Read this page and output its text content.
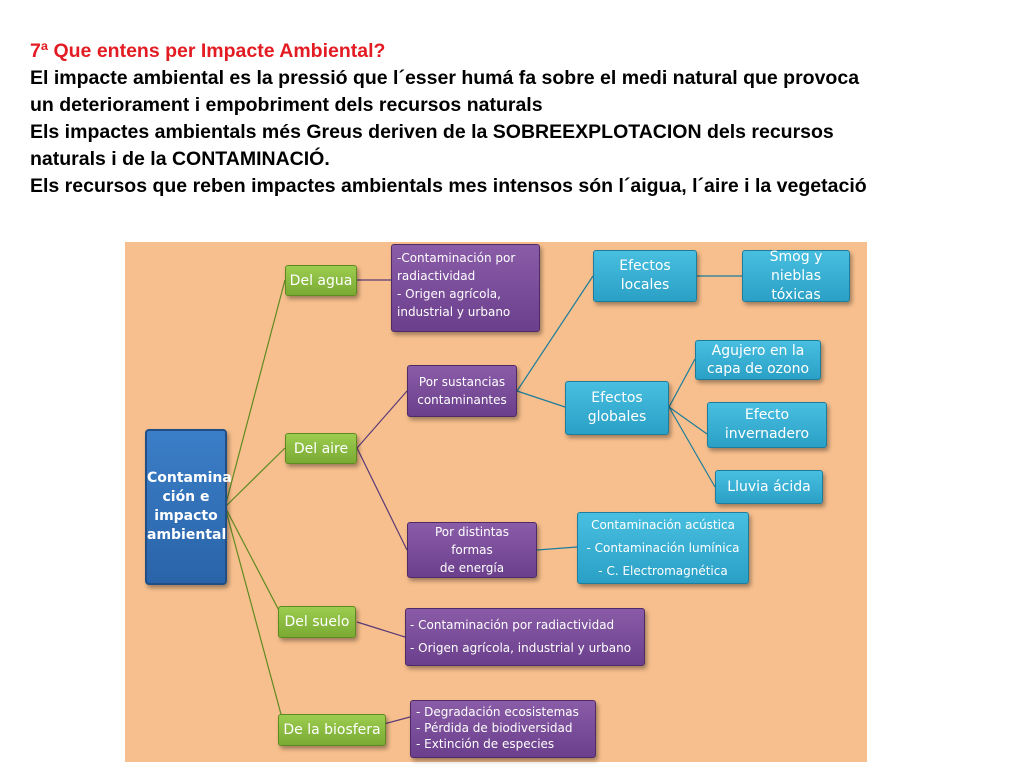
7ª Que entens per Impacte Ambiental?
El impacte ambiental es la pressió que l´esser humá fa sobre el medi natural que provoca
un deteriorament i empobriment dels recursos naturals
Els impactes ambientals més Greus deriven de la SOBREEXPLOTACION dels recursos
naturals i de la CONTAMINACIÓ.
Els recursos que reben impactes ambientals mes intensos són l´aigua, l´aire i la vegetació
Contamina
ción e
impacto
ambiental
Del agua
-Contaminación por
radiactividad
- Origen agrícola,
industrial y urbano
Del aire
Por sustancias
contaminantes
Efectos
locales
Smog y nieblas
tóxicas
Efectos
globales
Agujero en la
capa de ozono
Efecto
invernadero
Lluvia ácida
Por distintas formas
de energía
Contaminación acústica
- Contaminación lumínica
- C. Electromagnética
Del suelo	- Contaminación por radiactividad
- Origen agrícola, industrial y urbano
De la biosfera
- Degradación ecosistemas
- Pérdida de biodiversidad
- Extinción de especies
